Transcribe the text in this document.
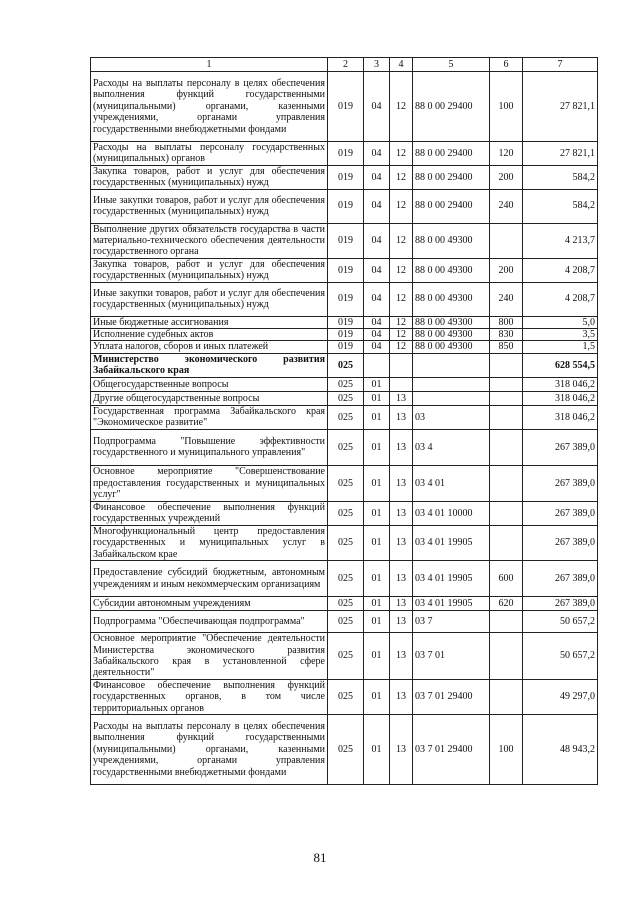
1	2	3	4	5	6	7
Расходы на выплаты персоналу в целях обеспечения выполнения функций государственными (муниципальными) органами, казенными учреждениями, органами управления государственными внебюджетными фондами	019	04	12	88 0 00 29400	100	27 821,1
Расходы на выплаты персоналу государственных (муниципальных) органов	019	04	12	88 0 00 29400	120	27 821,1
Закупка товаров, работ и услуг для обеспечения государственных (муниципальных) нужд	019	04	12	88 0 00 29400	200	584,2
Иные закупки товаров, работ и услуг для обеспечения государственных (муниципальных) нужд	019	04	12	88 0 00 29400	240	584,2
Выполнение других обязательств государства в части материально-технического обеспечения деятельности государственного органа	019	04	12	88 0 00 49300		4 213,7
Закупка товаров, работ и услуг для обеспечения государственных (муниципальных) нужд	019	04	12	88 0 00 49300	200	4 208,7
Иные закупки товаров, работ и услуг для обеспечения государственных (муниципальных) нужд	019	04	12	88 0 00 49300	240	4 208,7
Иные бюджетные ассигнования	019	04	12	88 0 00 49300	800	5,0
Исполнение судебных актов	019	04	12	88 0 00 49300	830	3,5
Уплата налогов, сборов и иных платежей	019	04	12	88 0 00 49300	850	1,5
Министерство экономического развития Забайкальского края	025					628 554,5
Общегосударственные вопросы	025	01				318 046,2
Другие общегосударственные вопросы	025	01	13			318 046,2
Государственная программа Забайкальского края "Экономическое развитие"	025	01	13	03		318 046,2
Подпрограмма "Повышение эффективности государственного и муниципального управления"	025	01	13	03 4		267 389,0
Основное мероприятие "Совершенствование предоставления государственных и муниципальных услуг"	025	01	13	03 4 01		267 389,0
Финансовое обеспечение выполнения функций государственных учреждений	025	01	13	03 4 01 10000		267 389,0
Многофункциональный центр предоставления государственных и муниципальных услуг в Забайкальском крае	025	01	13	03 4 01 19905		267 389,0
Предоставление субсидий бюджетным, автономным учреждениям и иным некоммерческим организациям	025	01	13	03 4 01 19905	600	267 389,0
Субсидии автономным учреждениям	025	01	13	03 4 01 19905	620	267 389,0
Подпрограмма "Обеспечивающая подпрограмма"	025	01	13	03 7		50 657,2
Основное мероприятие "Обеспечение деятельности Министерства экономического развития Забайкальского края в установленной сфере деятельности"	025	01	13	03 7 01		50 657,2
Финансовое обеспечение выполнения функций государственных органов, в том числе территориальных органов	025	01	13	03 7 01 29400		49 297,0
Расходы на выплаты персоналу в целях обеспечения выполнения функций государственными (муниципальными) органами, казенными учреждениями, органами управления государственными внебюджетными фондами	025	01	13	03 7 01 29400	100	48 943,2
81
